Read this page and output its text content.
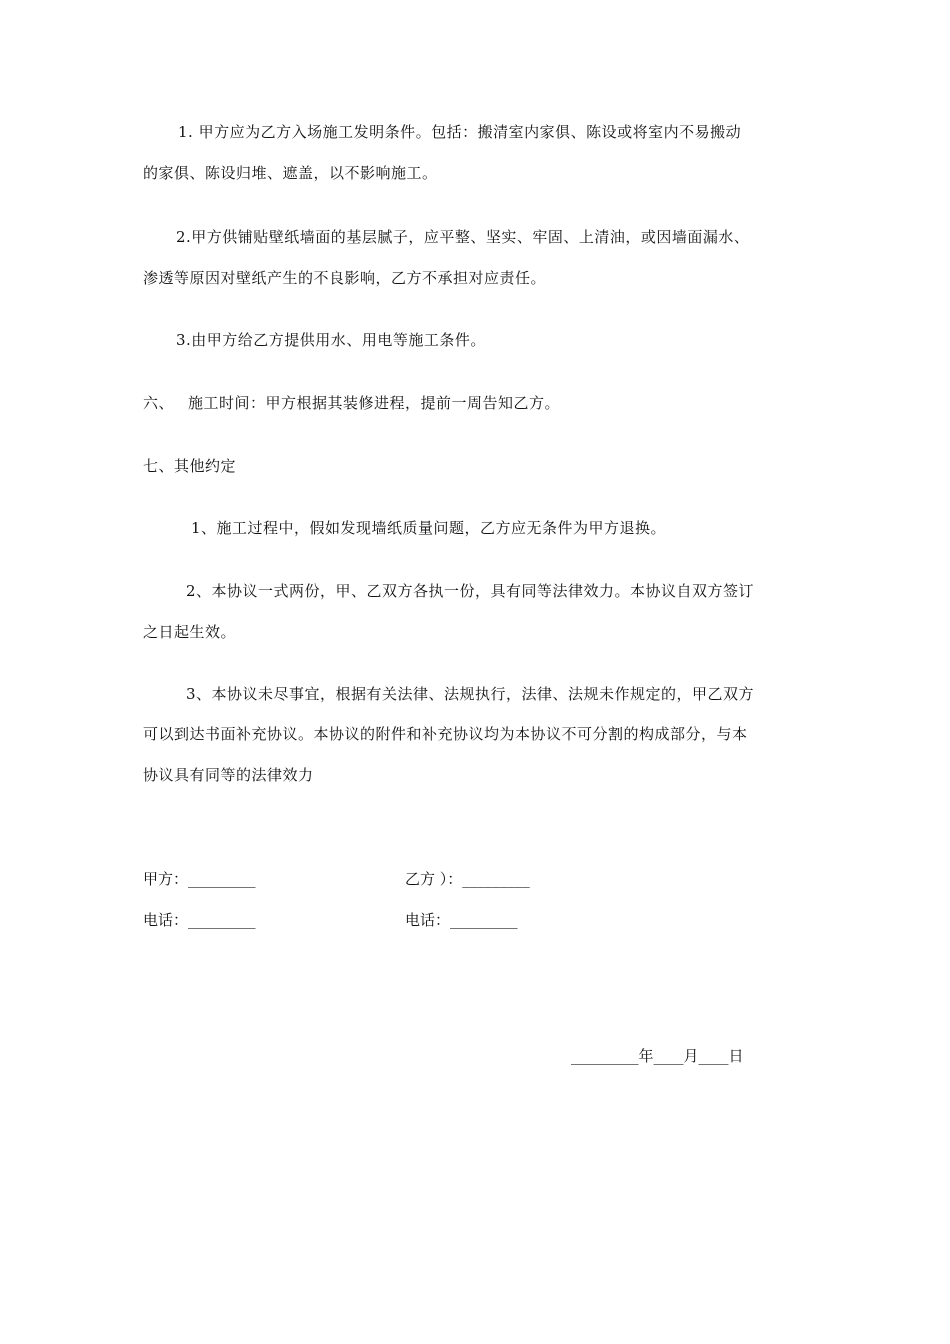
1. 甲方应为乙方入场施工发明条件。包括：搬清室内家俱、陈设或将室内不易搬动
的家俱、陈设归堆、遮盖，以不影响施工。
2.甲方供铺贴壁纸墙面的基层腻子，应平整、坚实、牢固、上清油，或因墙面漏水、
渗透等原因对壁纸产生的不良影响，乙方不承担对应责任。
3.由甲方给乙方提供用水、用电等施工条件。
六、 施工时间：甲方根据其装修进程，提前一周告知乙方。
七、其他约定
1、施工过程中，假如发现墙纸质量问题，乙方应无条件为甲方退换。
2、本协议一式两份，甲、乙双方各执一份，具有同等法律效力。本协议自双方签订
之日起生效。
3、本协议未尽事宜，根据有关法律、法规执行，法律、法规未作规定的，甲乙双方
可以到达书面补充协议。本协议的附件和补充协议均为本协议不可分割的构成部分，与本
协议具有同等的法律效力
甲方：_________	乙方 ）：_________
电话：_________	电话：_________
_________年____月____日
